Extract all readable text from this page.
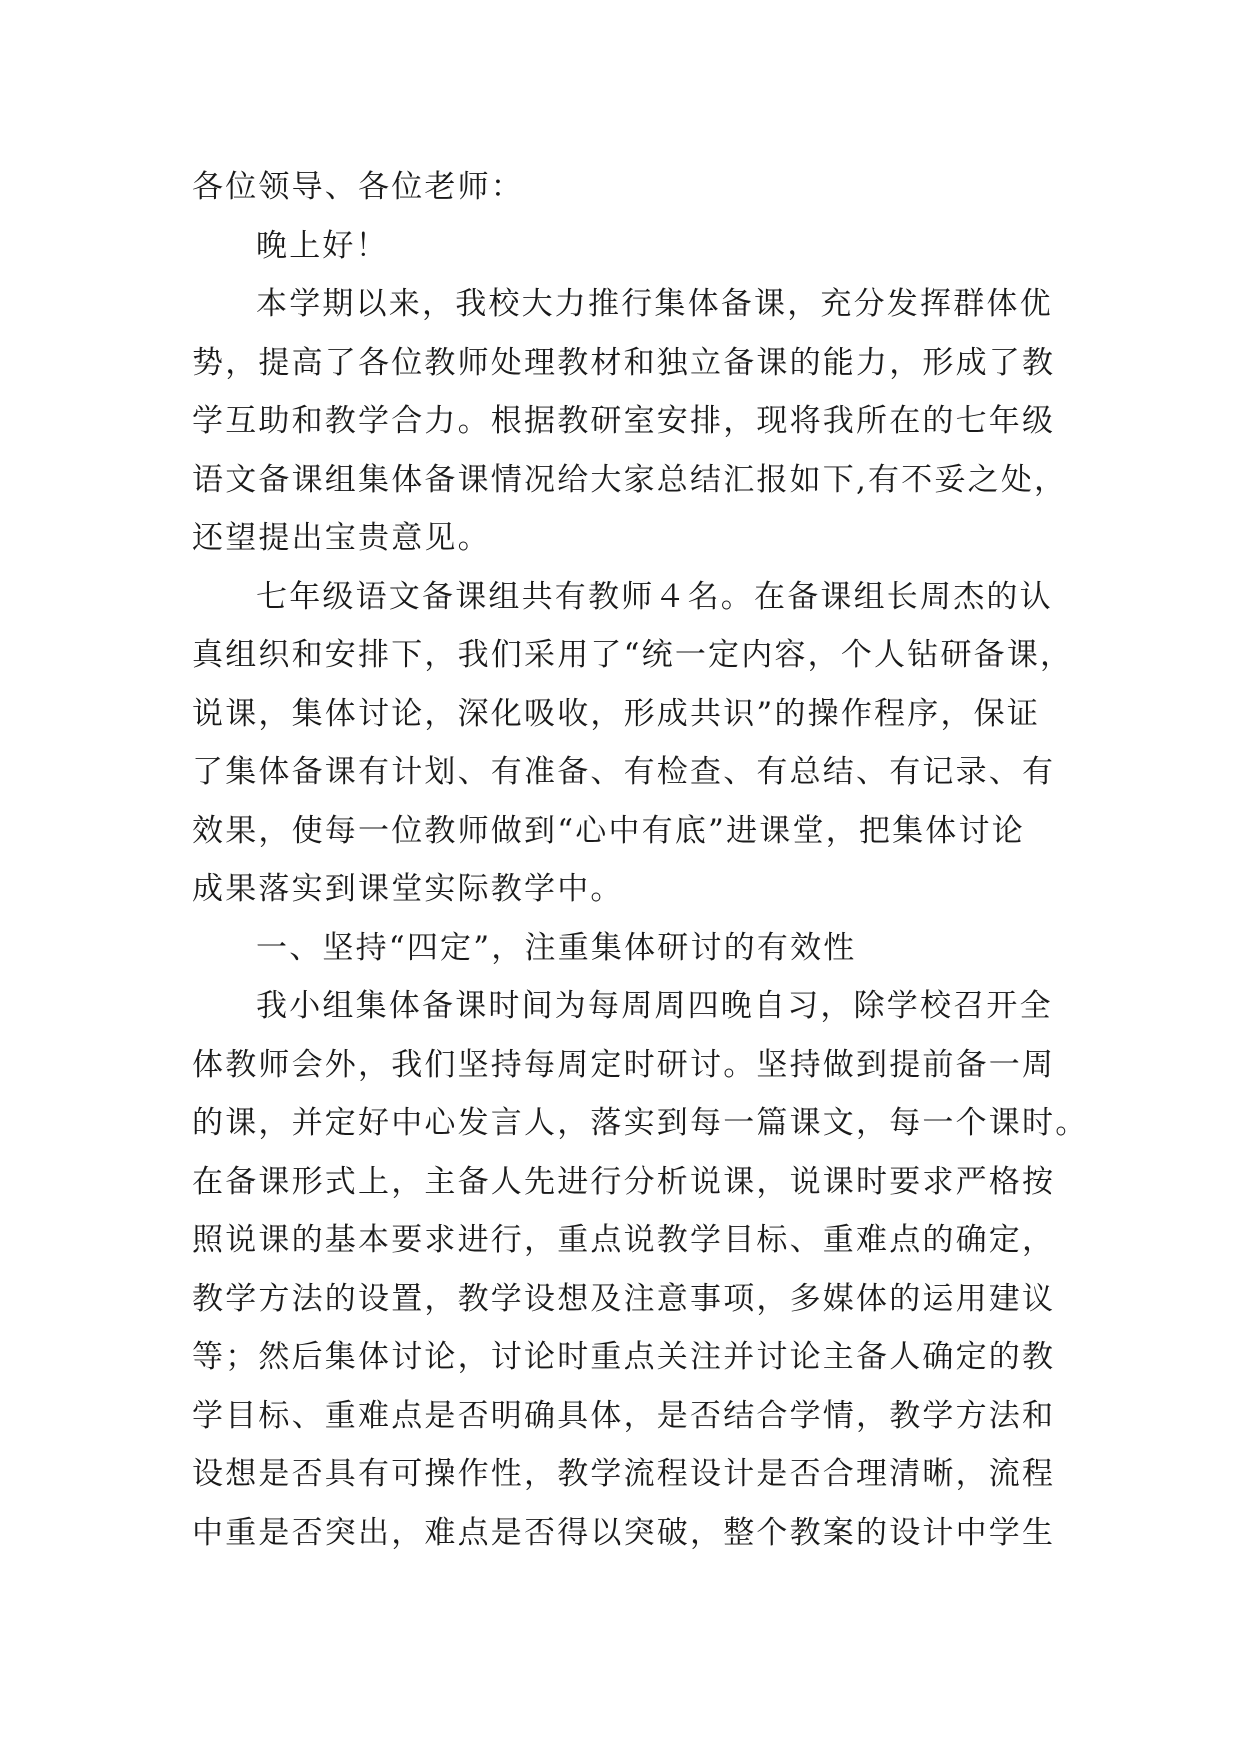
各位领导、各位老师：
晚上好！
本学期以来，我校大力推行集体备课，充分发挥群体优
势，提高了各位教师处理教材和独立备课的能力，形成了教
学互助和教学合力。根据教研室安排，现将我所在的七年级
语文备课组集体备课情况给大家总结汇报如下,有不妥之处，
还望提出宝贵意见。
七年级语文备课组共有教师４名。在备课组长周杰的认
真组织和安排下，我们采用了“统一定内容，个人钻研备课，
说课，集体讨论，深化吸收，形成共识”的操作程序，保证
了集体备课有计划、有准备、有检查、有总结、有记录、有
效果，使每一位教师做到“心中有底”进课堂，把集体讨论
成果落实到课堂实际教学中。
一、坚持“四定”，注重集体研讨的有效性
我小组集体备课时间为每周周四晚自习，除学校召开全
体教师会外，我们坚持每周定时研讨。坚持做到提前备一周
的课，并定好中心发言人，落实到每一篇课文，每一个课时。
在备课形式上，主备人先进行分析说课，说课时要求严格按
照说课的基本要求进行，重点说教学目标、重难点的确定，
教学方法的设置，教学设想及注意事项，多媒体的运用建议
等；然后集体讨论，讨论时重点关注并讨论主备人确定的教
学目标、重难点是否明确具体，是否结合学情，教学方法和
设想是否具有可操作性，教学流程设计是否合理清晰，流程
中重是否突出，难点是否得以突破，整个教案的设计中学生
